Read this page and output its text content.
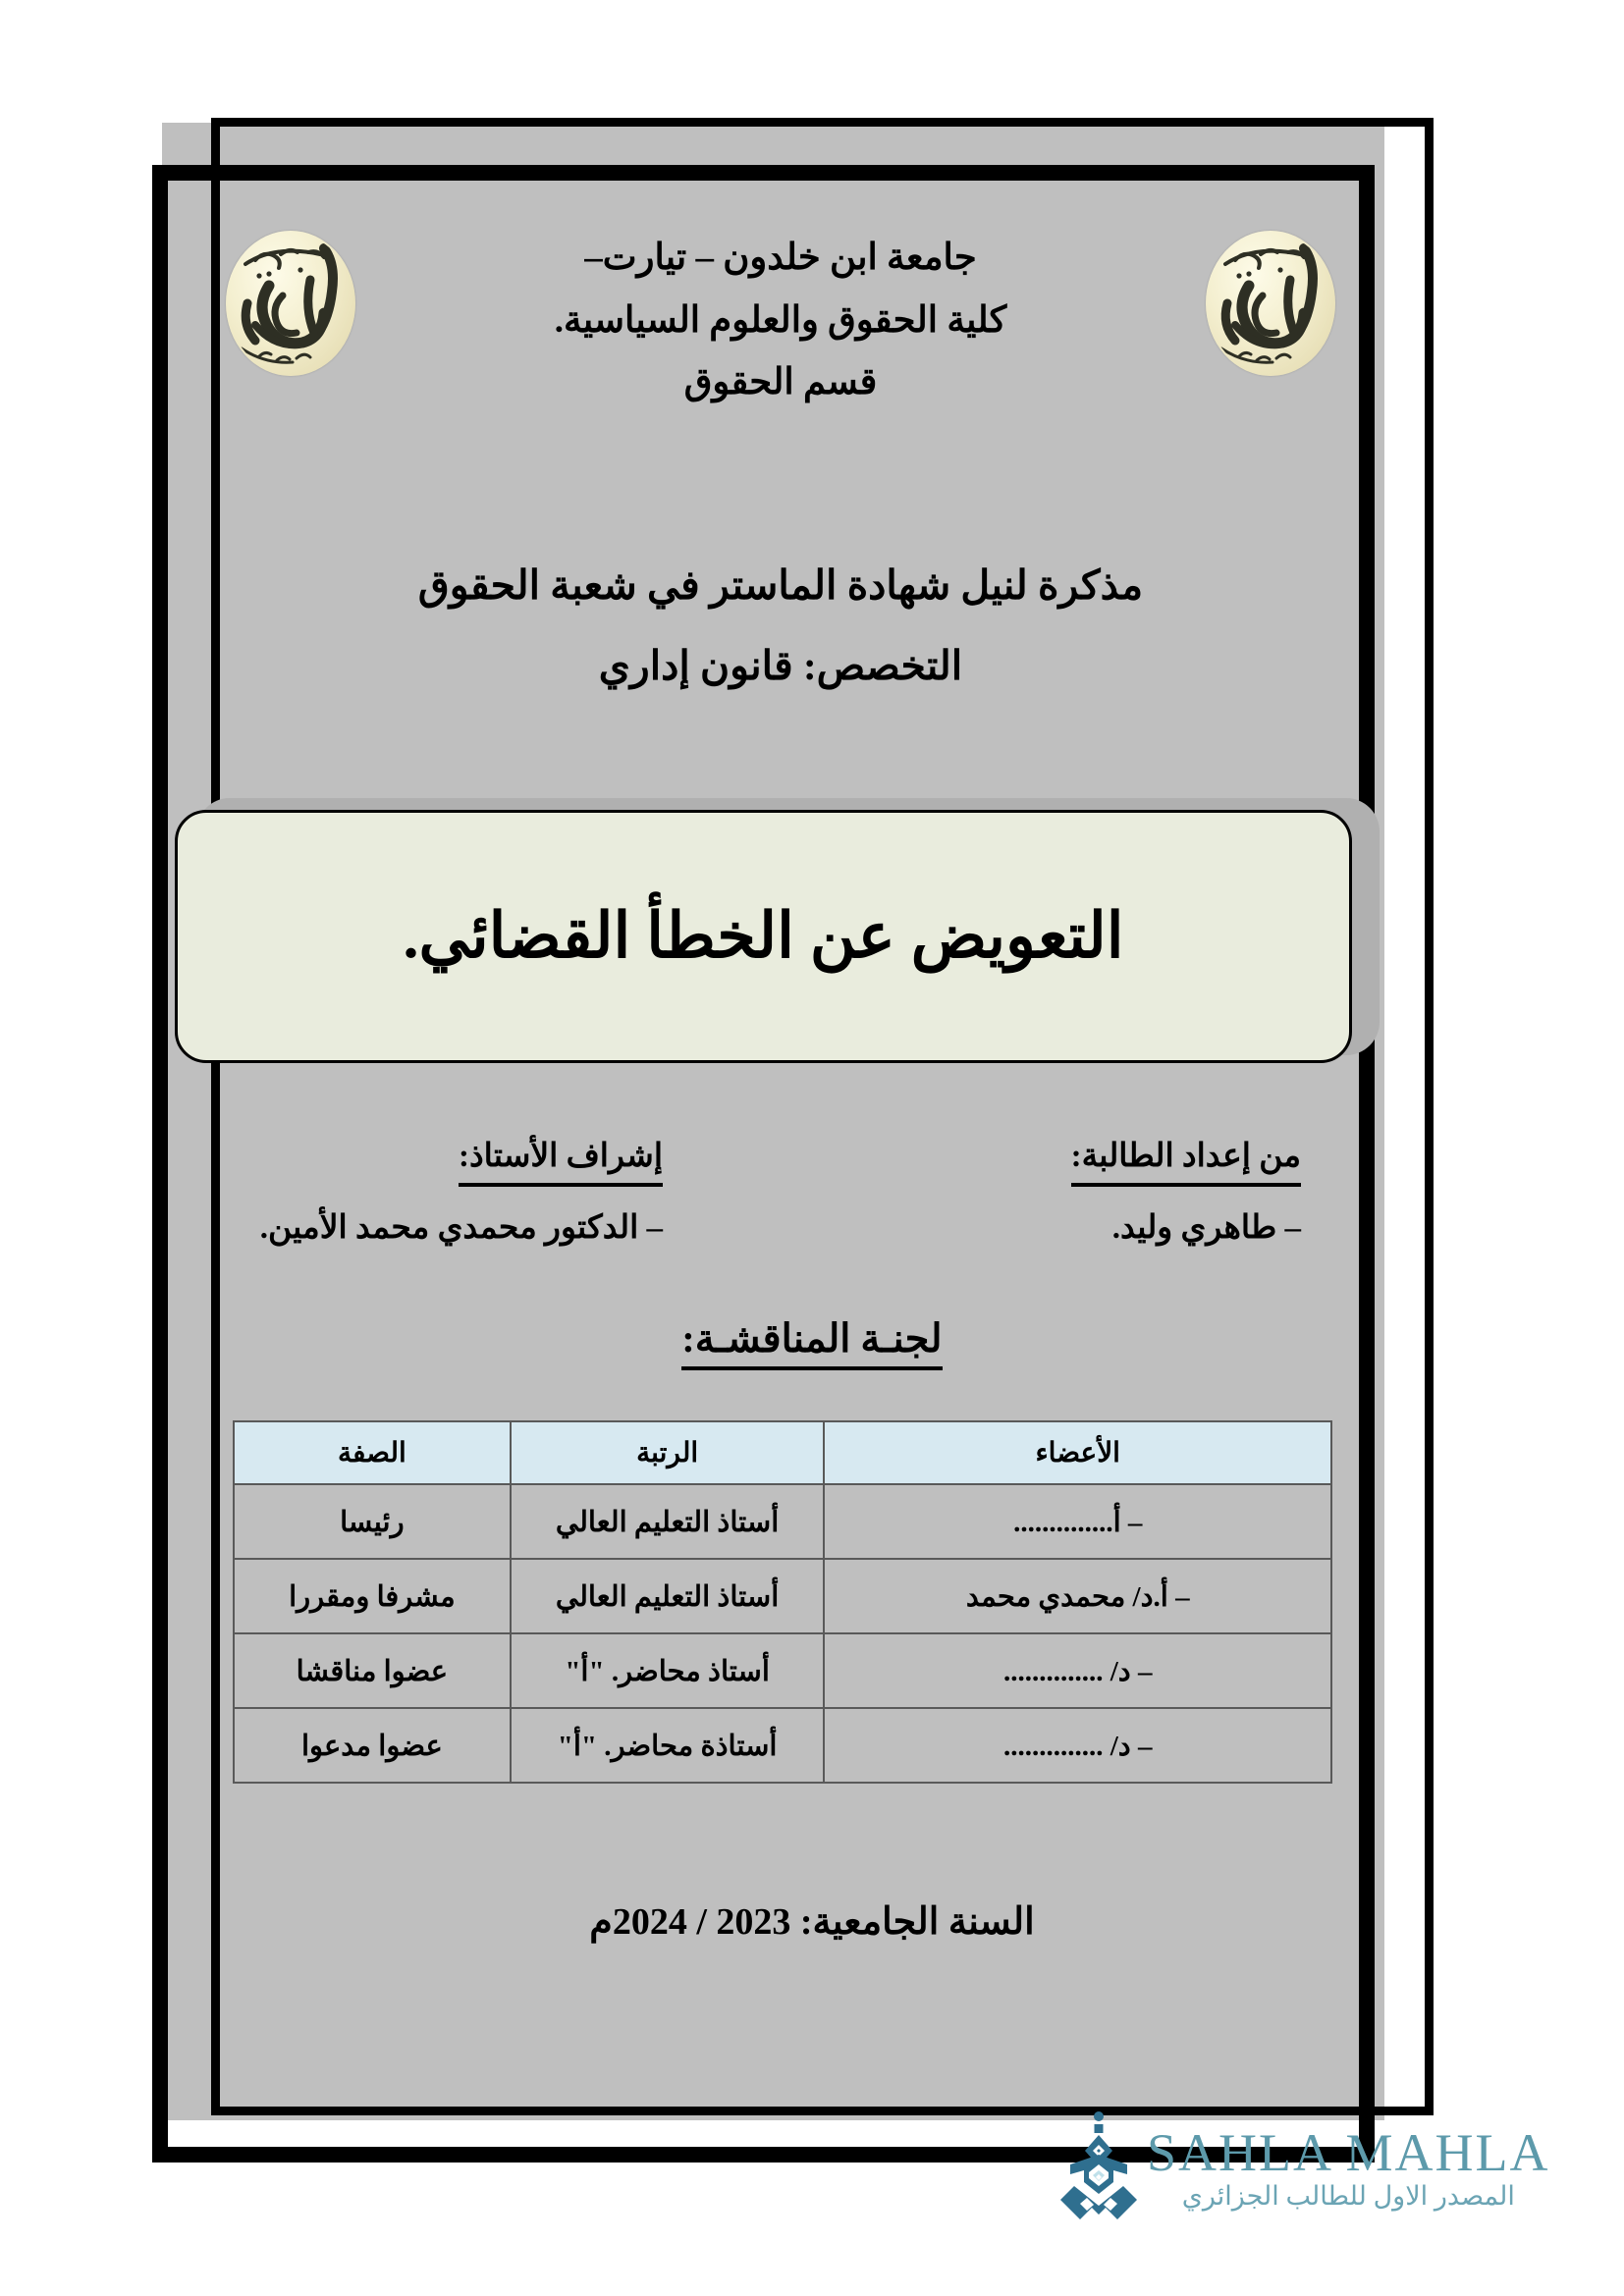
"
جامعة ابن خلدون – تيارت–
كلية الحقوق والعلوم السياسية.
قسم الحقوق
مذكرة لنيل شهادة الماستر في شعبة الحقوق
التخصص: قانون إداري
التعويض عن الخطأ القضائي.
من إعداد الطالبة:
– طاهري وليد.
إشراف الأستاذ:
– الدكتور محمدي محمد الأمين.
لجنـة المناقشـة:
الأعضاء	الرتبة	الصفة
– أ..............	أستاذ التعليم العالي	رئيسا
– أ.د/ محمدي محمد	أستاذ التعليم العالي	مشرفا ومقررا
– د/ ..............	أستاذ محاضر. "أ"	عضوا مناقشا
– د/ ..............	أستاذة محاضر. "أ"	عضوا مدعوا
السنة الجامعية: 2023 / 2024م
SAHLA MAHLA
المصدر الاول للطالب الجزائري
